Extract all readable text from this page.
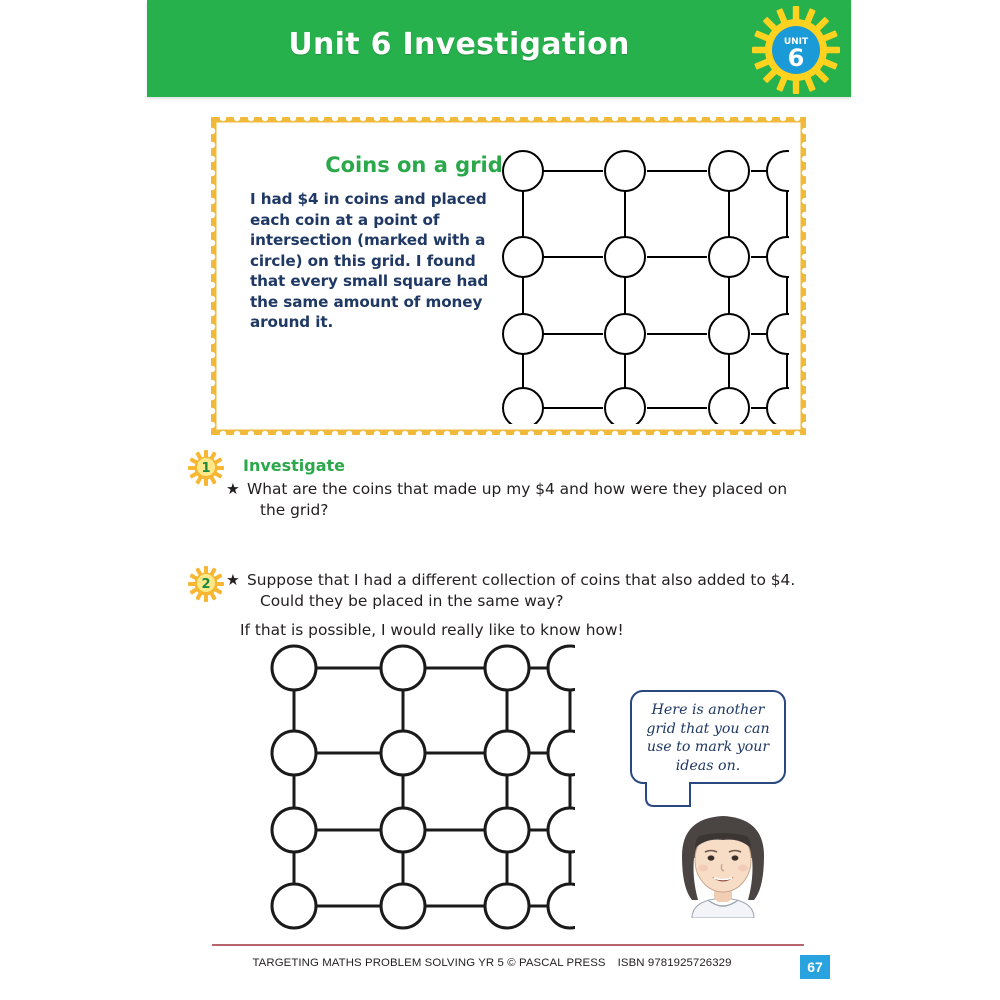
Unit 6 Investigation	UNIT
6
Coins on a grid
I had $4 in coins and placed each coin at a point of intersection (marked with a circle) on this grid. I found that every small square had the same amount of money around it.
1 Investigate
★ What are the coins that made up my $4 and how were they placed on the grid?
2 ★ Suppose that I had a different collection of coins that also added to $4. Could they be placed in the same way?
If that is possible, I would really like to know how!
Here is another grid that you can use to mark your ideas on.
TARGETING MATHS PROBLEM SOLVING YR 5 © PASCAL PRESS ISBN 9781925726329	67
